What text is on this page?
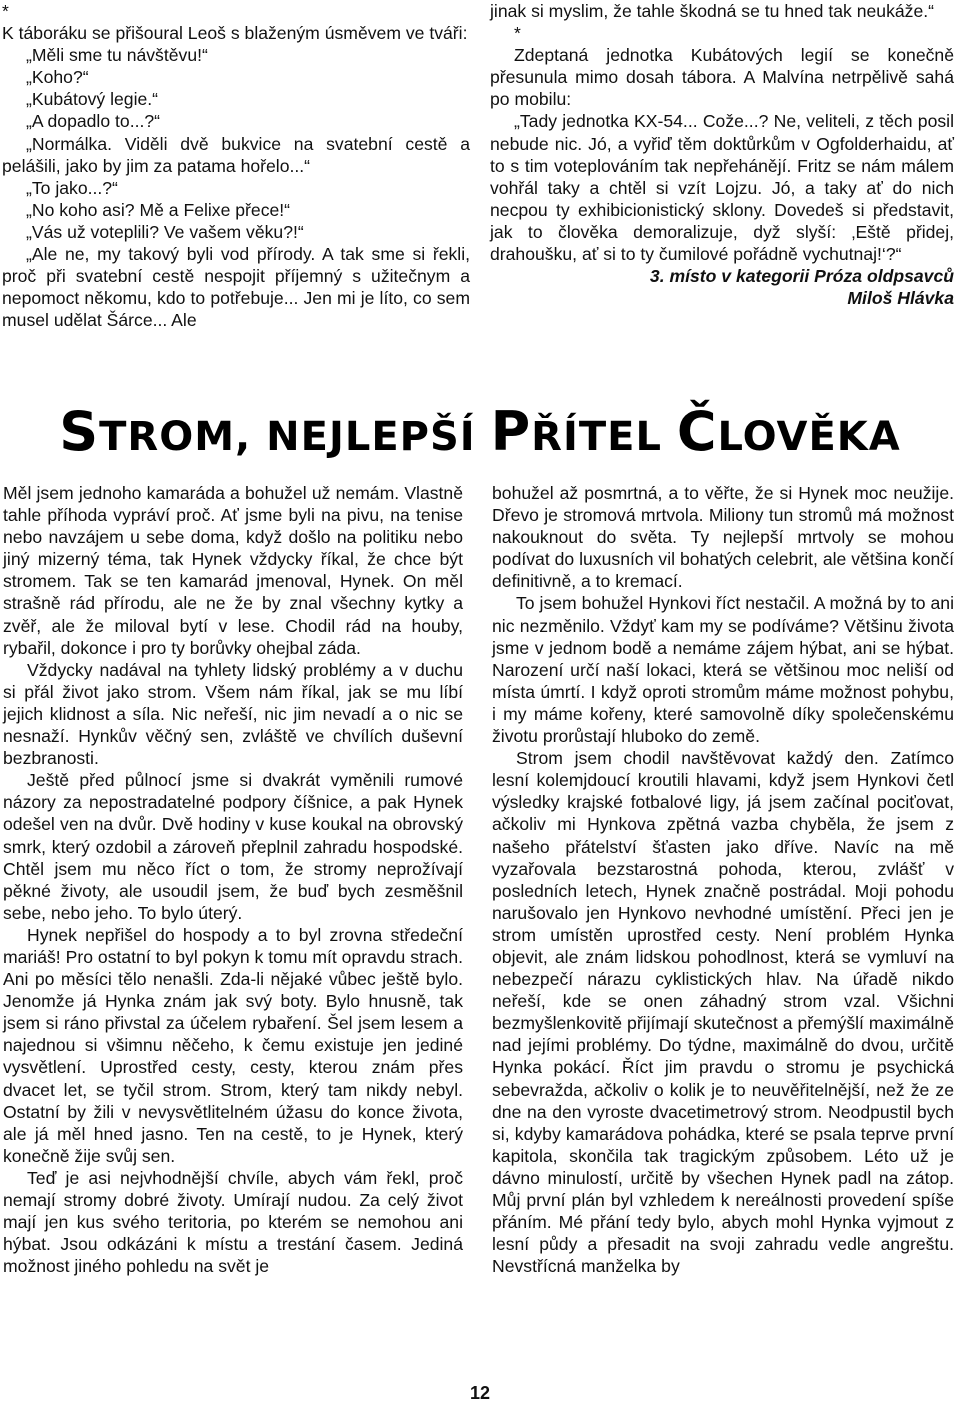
*

K táboráku se přišoural Leoš s blaženým úsměvem ve tváři:

„Měli sme tu návštěvu!“

„Koho?“

„Kubátový legie.“

„A dopadlo to...?“

„Normálka. Viděli dvě bukvice na svatební cestě a pelášili, jako by jim za patama hořelo...“

„To jako...?“

„No koho asi? Mě a Felixe přece!“

„Vás už voteplili? Ve vašem věku?!“

„Ale ne, my takový byli vod přírody. A tak sme si řekli, proč při svatební cestě nespojit příjemný s užitečnym a nepomoct někomu, kdo to potřebuje... Jen mi je líto, co sem musel udělat Šárce... Ale

jinak si myslim, že tahle škodná se tu hned tak neukáže.“

*

Zdeptaná jednotka Kubátových legií se konečně přesunula mimo dosah tábora. A Malvína netrpělivě sahá po mobilu:

„Tady jednotka KX-54... Cože...? Ne, veliteli, z těch posil nebude nic. Jó, a vyřiď těm doktůrkům v Ogfolderhaidu, ať to s tim voteplováním tak nepřehánějí. Fritz se nám málem vohřál taky a chtěl si vzít Lojzu. Jó, a taky ať do nich necpou ty exhibicionistický sklony. Dovedeš si představit, jak to člověka demoralizuje, dyž slyší: ‚Eště přidej, drahoušku, ať si to ty čumilové pořádně vychutnaj!‘?“

3. místo v kategorii Próza oldpsavců

Miloš Hlávka

STROM, NEJLEPŠÍ PŘÍTEL ČLOVĚKA

Měl jsem jednoho kamaráda a bohužel už nemám. Vlastně tahle příhoda vypráví proč. Ať jsme byli na pivu, na tenise nebo navzájem u sebe doma, když došlo na politiku nebo jiný mizerný téma, tak Hynek vždycky říkal, že chce být stromem. Tak se ten kamarád jmenoval, Hynek. On měl strašně rád přírodu, ale ne že by znal všechny kytky a zvěř, ale že miloval bytí v lese. Chodil rád na houby, rybařil, dokonce i pro ty borůvky ohejbal záda.

Vždycky nadával na tyhlety lidský problémy a v duchu si přál život jako strom. Všem nám říkal, jak se mu líbí jejich klidnost a síla. Nic neřeší, nic jim nevadí a o nic se nesnaží. Hynkův věčný sen, zvláště ve chvílích duševní bezbranosti.

Ještě před půlnocí jsme si dvakrát vyměnili rumové názory za nepostradatelné podpory číšnice, a pak Hynek odešel ven na dvůr. Dvě hodiny v kuse koukal na obrovský smrk, který ozdobil a zároveň přeplnil zahradu hospodské. Chtěl jsem mu něco říct o tom, že stromy neprožívají pěkné životy, ale usoudil jsem, že buď bych zesměšnil sebe, nebo jeho. To bylo úterý.

Hynek nepřišel do hospody a to byl zrovna středeční mariáš! Pro ostatní to byl pokyn k tomu mít opravdu strach. Ani po měsíci tělo nenašli. Zda-li nějaké vůbec ještě bylo. Jenomže já Hynka znám jak svý boty. Bylo hnusně, tak jsem si ráno přivstal za účelem rybaření. Šel jsem lesem a najednou si všimnu něčeho, k čemu existuje jen jediné vysvětlení. Uprostřed cesty, cesty, kterou znám přes dvacet let, se tyčil strom. Strom, který tam nikdy nebyl. Ostatní by žili v nevysvětlitelném úžasu do konce života, ale já měl hned jasno. Ten na cestě, to je Hynek, který konečně žije svůj sen.

Teď je asi nejvhodnější chvíle, abych vám řekl, proč nemají stromy dobré životy. Umírají nudou. Za celý život mají jen kus svého teritoria, po kterém se nemohou ani hýbat. Jsou odkázáni k místu a trestání časem. Jediná možnost jiného pohledu na svět je

bohužel až posmrtná, a to věřte, že si Hynek moc neužije. Dřevo je stromová mrtvola. Miliony tun stromů má možnost nakouknout do světa. Ty nejlepší mrtvoly se mohou podívat do luxusních vil bohatých celebrit, ale většina končí definitivně, a to kremací.

To jsem bohužel Hynkovi říct nestačil. A možná by to ani nic nezměnilo. Vždyť kam my se podíváme? Většinu života jsme v jednom bodě a nemáme zájem hýbat, ani se hýbat. Narození určí naší lokaci, která se většinou moc neliší od místa úmrtí. I když oproti stromům máme možnost pohybu, i my máme kořeny, které samovolně díky společenskému životu prorůstají hluboko do země.

Strom jsem chodil navštěvovat každý den. Zatímco lesní kolemjdoucí kroutili hlavami, když jsem Hynkovi četl výsledky krajské fotbalové ligy, já jsem začínal pociťovat, ačkoliv mi Hynkova zpětná vazba chyběla, že jsem z našeho přátelství šťasten jako dříve. Navíc na mě vyzařovala bezstarostná pohoda, kterou, zvlášť v posledních letech, Hynek značně postrádal. Moji pohodu narušovalo jen Hynkovo nevhodné umístění. Přeci jen je strom umístěn uprostřed cesty. Není problém Hynka objevit, ale znám lidskou pohodlnost, která se vymluví na nebezpečí nárazu cyklistických hlav. Na úřadě nikdo neřeší, kde se onen záhadný strom vzal. Všichni bezmyšlenkovitě přijímají skutečnost a přemýšlí maximálně nad jejími problémy. Do týdne, maximálně do dvou, určitě Hynka pokácí. Říct jim pravdu o stromu je psychická sebevražda, ačkoliv o kolik je to neuvěřitelnější, než že ze dne na den vyroste dvacetimetrový strom. Neodpustil bych si, kdyby kamarádova pohádka, které se psala teprve první kapitola, skončila tak tragickým způsobem. Léto už je dávno minulostí, určitě by všechen Hynek padl na zátop. Můj první plán byl vzhledem k nereálnosti provedení spíše přáním. Mé přání tedy bylo, abych mohl Hynka vyjmout z lesní půdy a přesadit na svoji zahradu vedle angreštu. Nevstřícná manželka by

12
